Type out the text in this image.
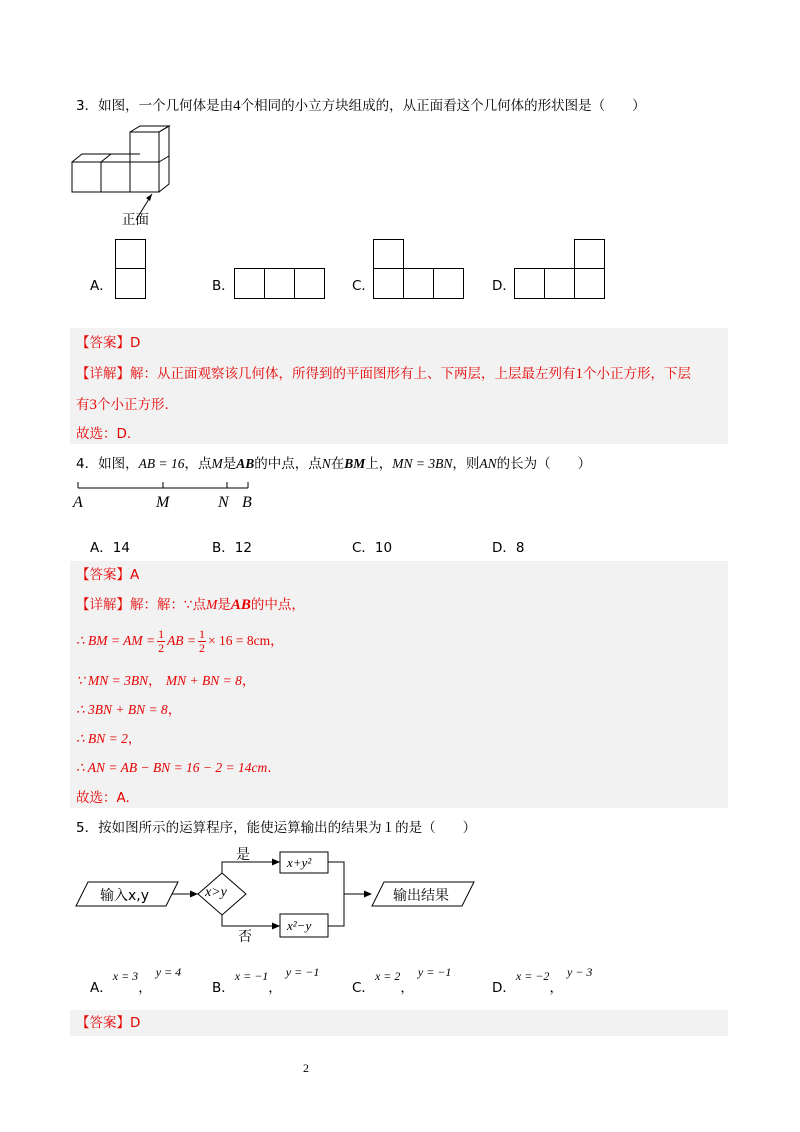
3．如图，一个几何体是由4个相同的小立方块组成的，从正面看这个几何体的形状图是（　　）
正面
A．	B．	C．	D．
【答案】D
【详解】解：从正面观察该几何体，所得到的平面图形有上、下两层，上层最左列有1个小正方形，下层
有3个小正方形.
故选：D.
4．如图，AB = 16，点M是AB的中点，点N在BM上，MN = 3BN，则AN的长为（　　）
A	M	N B
A．14	B．12	C．10	D．8
【答案】A
【详解】解：解：∵点M是AB的中点，
∴ BM = AM = $\frac{1}{2}$ AB = $\frac{1}{2} \times 16 = 8cm$，
∵ MN = 3BN， MN + BN = 8，
∴ 3BN + BN = 8，
∴ BN = 2，
∴ AN = AB − BN = 16 − 2 = 14cm.
故选：A.
5．按如图所示的运算程序，能使运算输出的结果为１的是（　　）
输入x,y	x>y
是
否
x+y²
x²−y
输出结果
A．x = 3，y = 4
B．x = −1，y = −1
C．x = 2，y = −1
D．x = −2，y − 3
【答案】D
2
